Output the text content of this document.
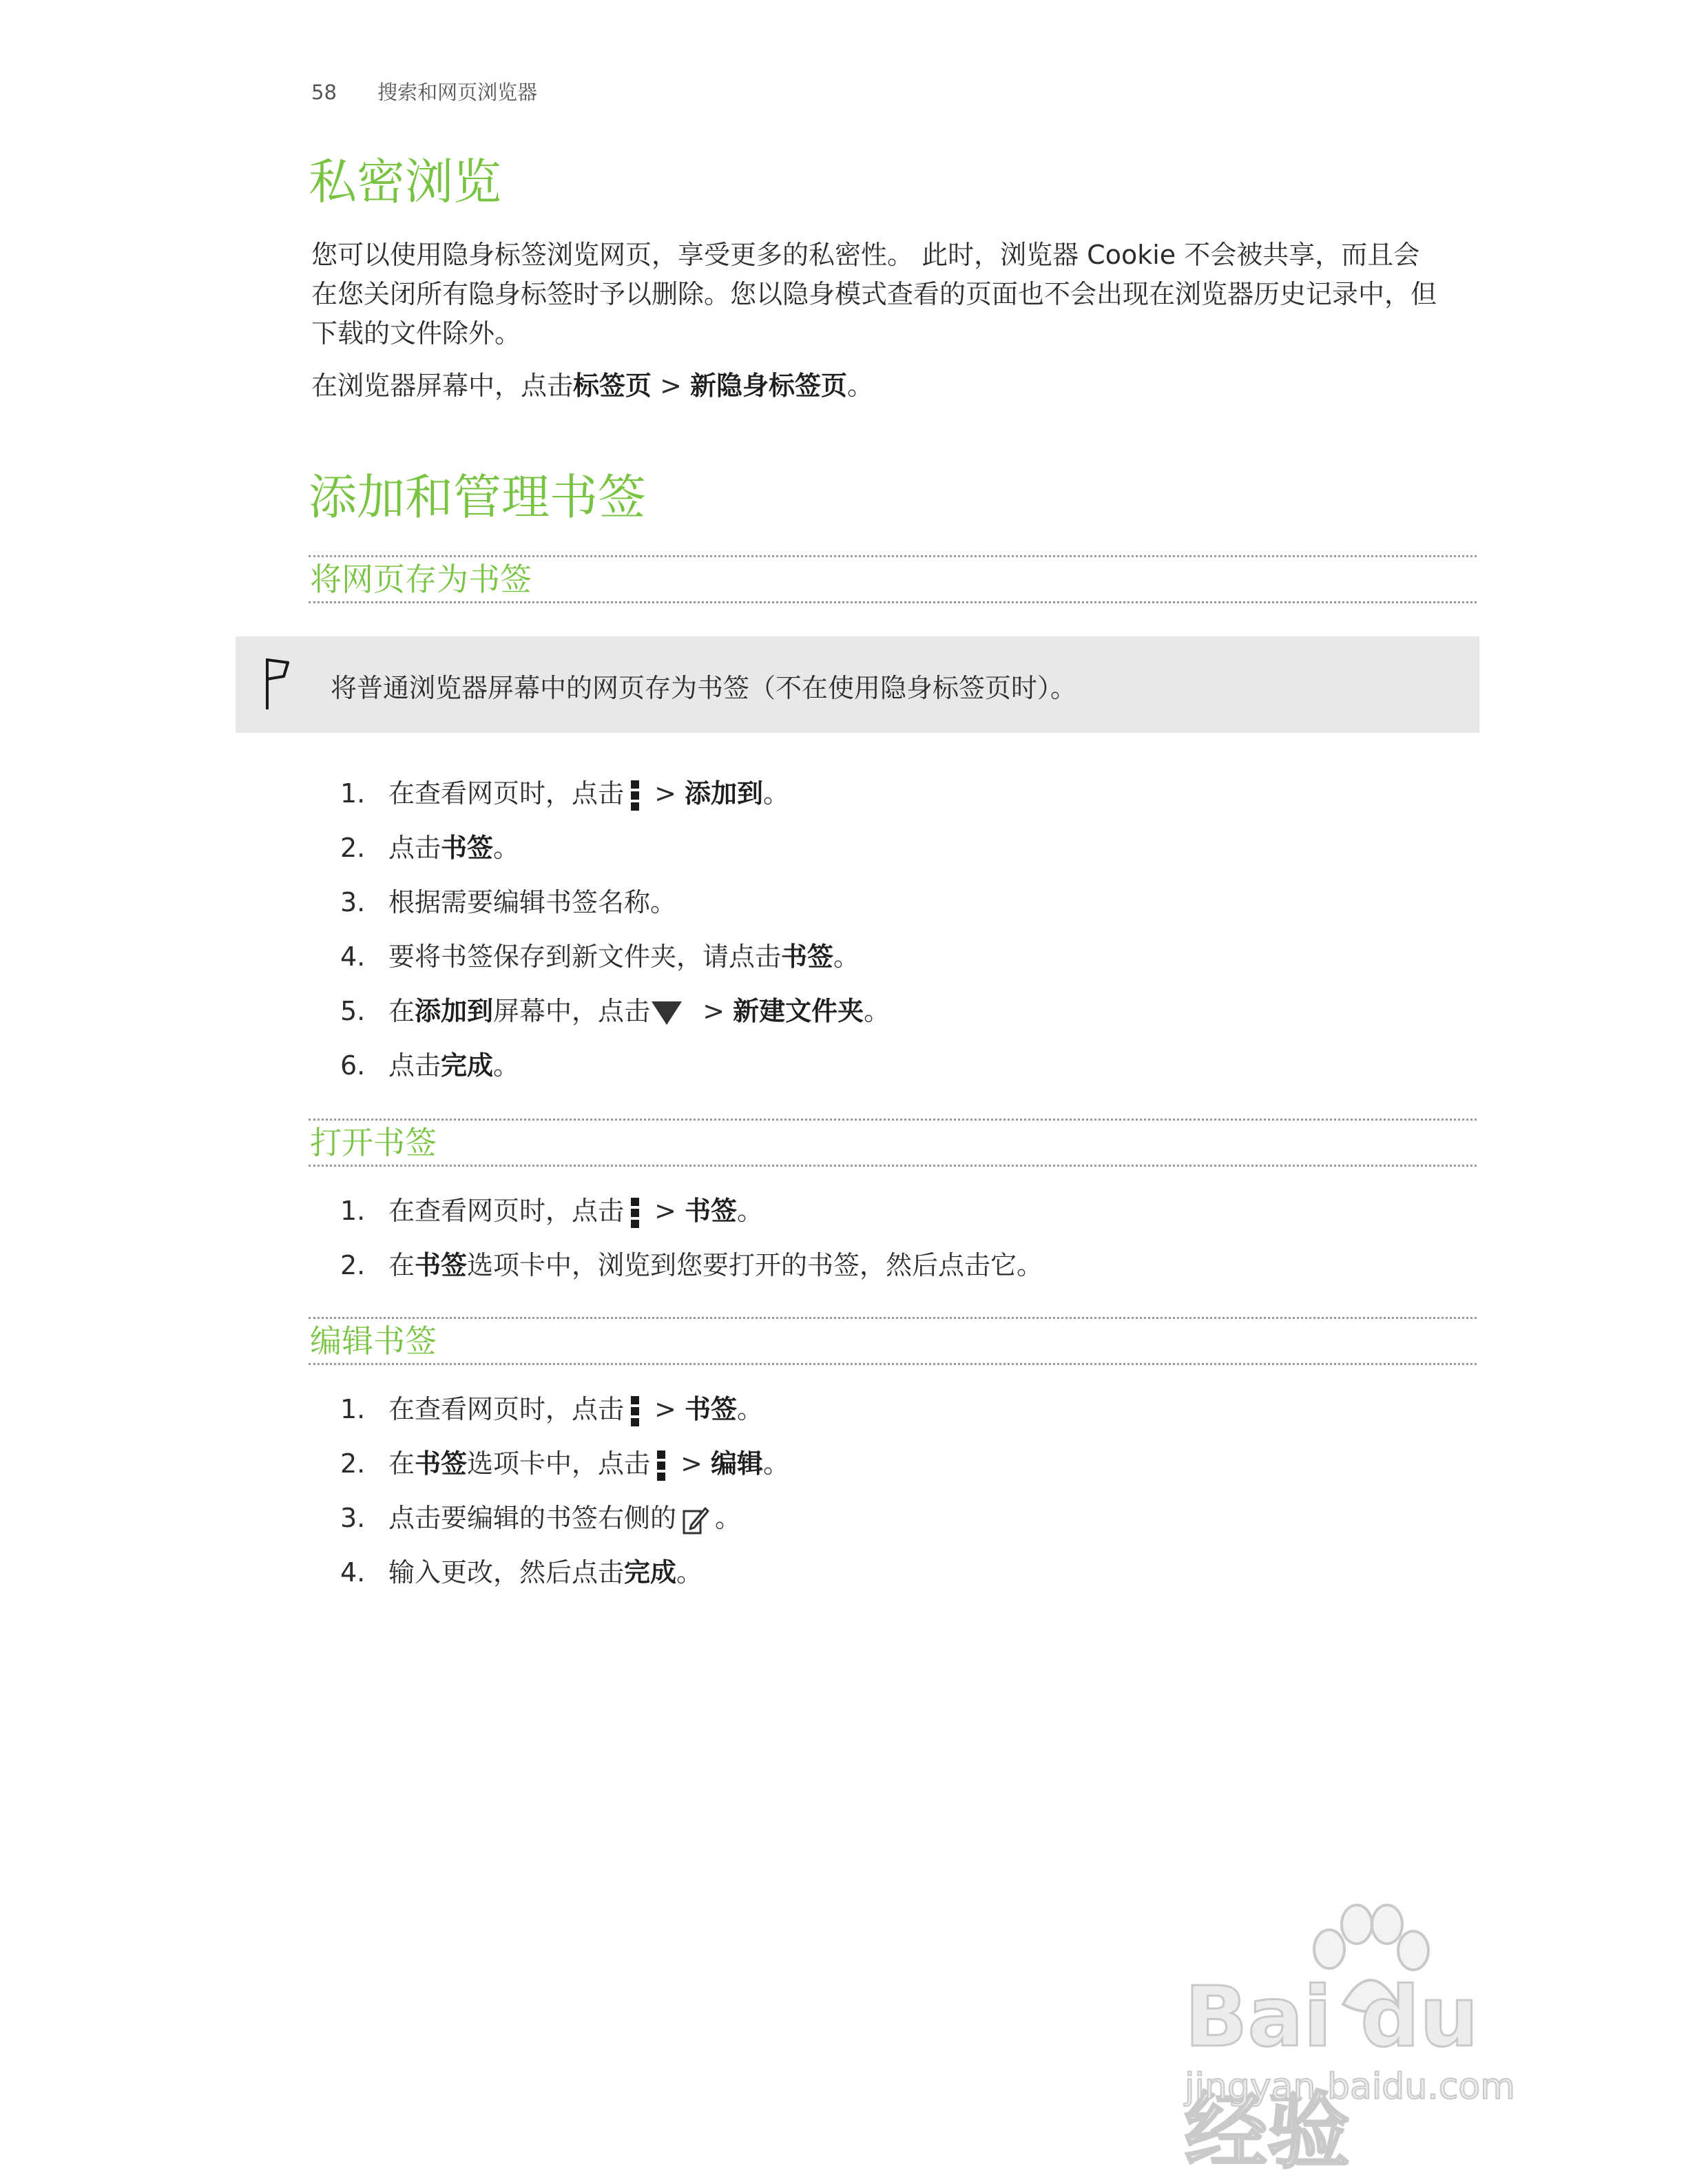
58 搜索和网页浏览器
私密浏览
您可以使用隐身标签浏览网页，享受更多的私密性。 此时，浏览器 Cookie 不会被共享，而且会
在您关闭所有隐身标签时予以删除。您以隐身模式查看的页面也不会出现在浏览器历史记录中，但
下载的文件除外。
在浏览器屏幕中，点击标签页 > 新隐身标签页。
添加和管理书签
将网页存为书签
将普通浏览器屏幕中的网页存为书签（不在使用隐身标签页时）。
1. 在查看网页时，点击
> 添加到。
2. 点击书签。
3. 根据需要编辑书签名称。
4. 要将书签保存到新文件夹，请点击书签。
5. 在添加到屏幕中，点击  > 新建文件夹。
6. 点击完成。
打开书签
1. 在查看网页时，点击
> 书签。
2. 在书签选项卡中，浏览到您要打开的书签，然后点击它。
编辑书签
1. 在查看网页时，点击
> 书签。
2. 在书签选项卡中，点击
> 编辑。
3. 点击要编辑的书签右侧的 。
4. 输入更改，然后点击完成。
Bai du 经验
jingyan.baidu.com
